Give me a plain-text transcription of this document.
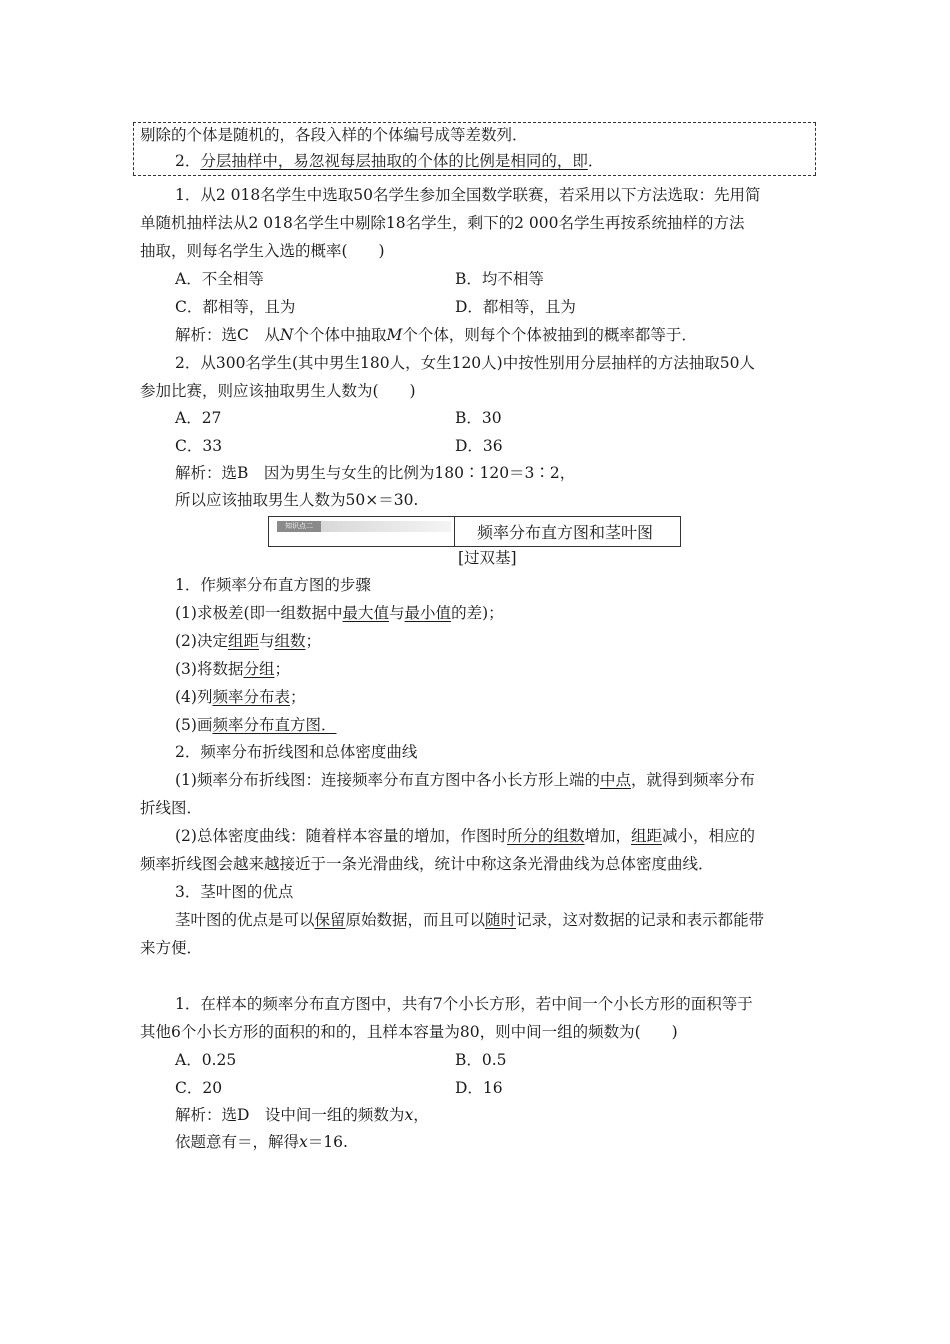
剔除的个体是随机的，各段入样的个体编号成等差数列．
2．分层抽样中，易忽视每层抽取的个体的比例是相同的，即．
1．从2 018名学生中选取50名学生参加全国数学联赛，若采用以下方法选取：先用简
单随机抽样法从2 018名学生中剔除18名学生，剩下的2 000名学生再按系统抽样的方法
抽取，则每名学生入选的概率(　　)
A．不全相等	B．均不相等
C．都相等，且为	D．都相等，且为
解析：选C　从N个个体中抽取M个个体，则每个个体被抽到的概率都等于．
2．从300名学生(其中男生180人，女生120人)中按性别用分层抽样的方法抽取50人
参加比赛，则应该抽取男生人数为(　　)
A．27	B．30
C．33	D．36
解析：选B　因为男生与女生的比例为180∶120＝3∶2，
所以应该抽取男生人数为50×＝30.
知识点二	频率分布直方图和茎叶图
[过双基]
1．作频率分布直方图的步骤
(1)求极差(即一组数据中最大值与最小值的差)；
(2)决定组距与组数；
(3)将数据分组；
(4)列频率分布表；
(5)画频率分布直方图．
2．频率分布折线图和总体密度曲线
(1)频率分布折线图：连接频率分布直方图中各小长方形上端的中点，就得到频率分布
折线图．
(2)总体密度曲线：随着样本容量的增加，作图时所分的组数增加，组距减小，相应的
频率折线图会越来越接近于一条光滑曲线，统计中称这条光滑曲线为总体密度曲线．
3．茎叶图的优点
茎叶图的优点是可以保留原始数据，而且可以随时记录，这对数据的记录和表示都能带
来方便．
1．在样本的频率分布直方图中，共有7个小长方形，若中间一个小长方形的面积等于
其他6个小长方形的面积的和的，且样本容量为80，则中间一组的频数为(　　)
A．0.25	B．0.5
C．20	D．16
解析：选D　设中间一组的频数为x，
依题意有＝，解得x＝16.
